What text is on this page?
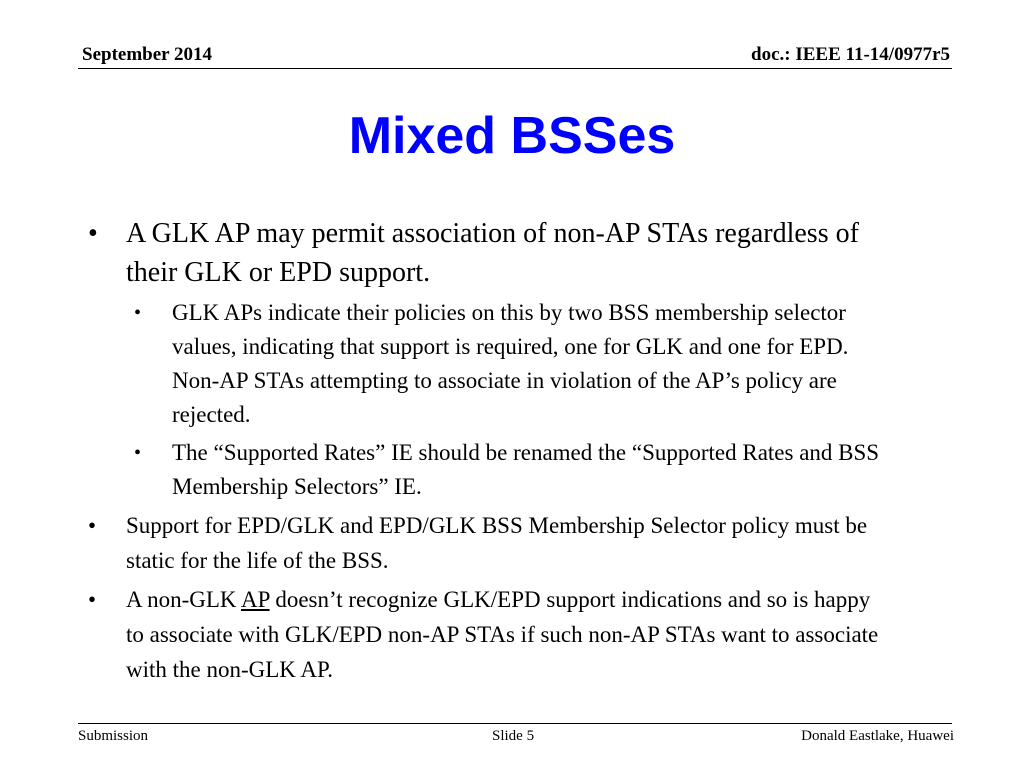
September 2014	doc.: IEEE 11-14/0977r5
Mixed BSSes
• A GLK AP may permit association of non-AP STAs regardless of their GLK or EPD support.
• GLK APs indicate their policies on this by two BSS membership selector values, indicating that support is required, one for GLK and one for EPD. Non-AP STAs attempting to associate in violation of the AP’s policy are rejected.
• The “Supported Rates” IE should be renamed the “Supported Rates and BSS Membership Selectors” IE.
• Support for EPD/GLK and EPD/GLK BSS Membership Selector policy must be static for the life of the BSS.
• A non-GLK AP doesn’t recognize GLK/EPD support indications and so is happy to associate with GLK/EPD non-AP STAs if such non-AP STAs want to associate with the non-GLK AP.
Submission	Slide 5	Donald Eastlake, Huawei
